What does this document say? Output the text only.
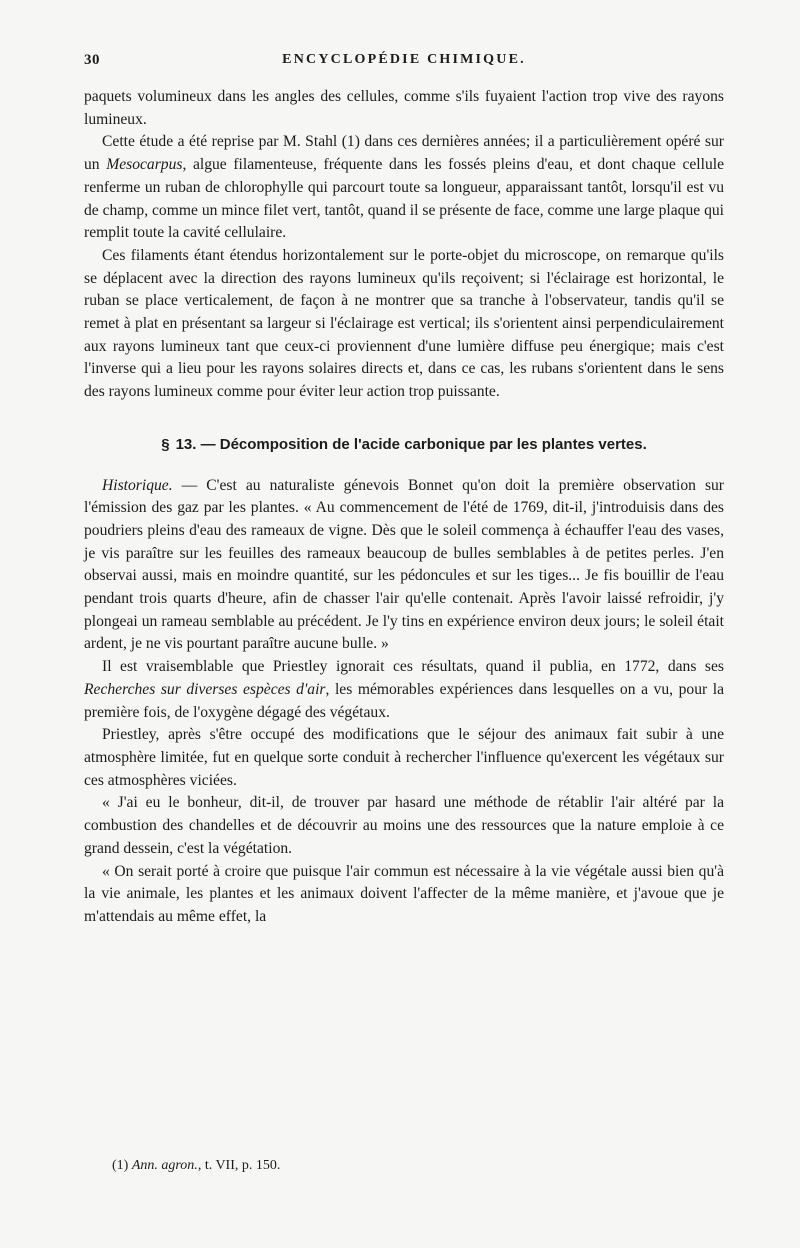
30	ENCYCLOPÉDIE CHIMIQUE.

paquets volumineux dans les angles des cellules, comme s'ils fuyaient l'action trop vive des rayons lumineux.

Cette étude a été reprise par M. Stahl (1) dans ces dernières années; il a particulièrement opéré sur un Mesocarpus, algue filamenteuse, fréquente dans les fossés pleins d'eau, et dont chaque cellule renferme un ruban de chlorophylle qui parcourt toute sa longueur, apparaissant tantôt, lorsqu'il est vu de champ, comme un mince filet vert, tantôt, quand il se présente de face, comme une large plaque qui remplit toute la cavité cellulaire.

Ces filaments étant étendus horizontalement sur le porte-objet du microscope, on remarque qu'ils se déplacent avec la direction des rayons lumineux qu'ils reçoivent; si l'éclairage est horizontal, le ruban se place verticalement, de façon à ne montrer que sa tranche à l'observateur, tandis qu'il se remet à plat en présentant sa largeur si l'éclairage est vertical; ils s'orientent ainsi perpendiculairement aux rayons lumineux tant que ceux-ci proviennent d'une lumière diffuse peu énergique; mais c'est l'inverse qui a lieu pour les rayons solaires directs et, dans ce cas, les rubans s'orientent dans le sens des rayons lumineux comme pour éviter leur action trop puissante.

§ 13. — Décomposition de l'acide carbonique par les plantes vertes.

Historique. — C'est au naturaliste génevois Bonnet qu'on doit la première observation sur l'émission des gaz par les plantes. « Au commencement de l'été de 1769, dit-il, j'introduisis dans des poudriers pleins d'eau des rameaux de vigne. Dès que le soleil commença à échauffer l'eau des vases, je vis paraître sur les feuilles des rameaux beaucoup de bulles semblables à de petites perles. J'en observai aussi, mais en moindre quantité, sur les pédoncules et sur les tiges... Je fis bouillir de l'eau pendant trois quarts d'heure, afin de chasser l'air qu'elle contenait. Après l'avoir laissé refroidir, j'y plongeai un rameau semblable au précédent. Je l'y tins en expérience environ deux jours; le soleil était ardent, je ne vis pourtant paraître aucune bulle. »

Il est vraisemblable que Priestley ignorait ces résultats, quand il publia, en 1772, dans ses Recherches sur diverses espèces d'air, les mémorables expériences dans lesquelles on a vu, pour la première fois, de l'oxygène dégagé des végétaux.

Priestley, après s'être occupé des modifications que le séjour des animaux fait subir à une atmosphère limitée, fut en quelque sorte conduit à rechercher l'influence qu'exercent les végétaux sur ces atmosphères viciées.

« J'ai eu le bonheur, dit-il, de trouver par hasard une méthode de rétablir l'air altéré par la combustion des chandelles et de découvrir au moins une des ressources que la nature emploie à ce grand dessein, c'est la végétation.

« On serait porté à croire que puisque l'air commun est nécessaire à la vie végétale aussi bien qu'à la vie animale, les plantes et les animaux doivent l'affecter de la même manière, et j'avoue que je m'attendais au même effet, la

(1) Ann. agron., t. VII, p. 150.
